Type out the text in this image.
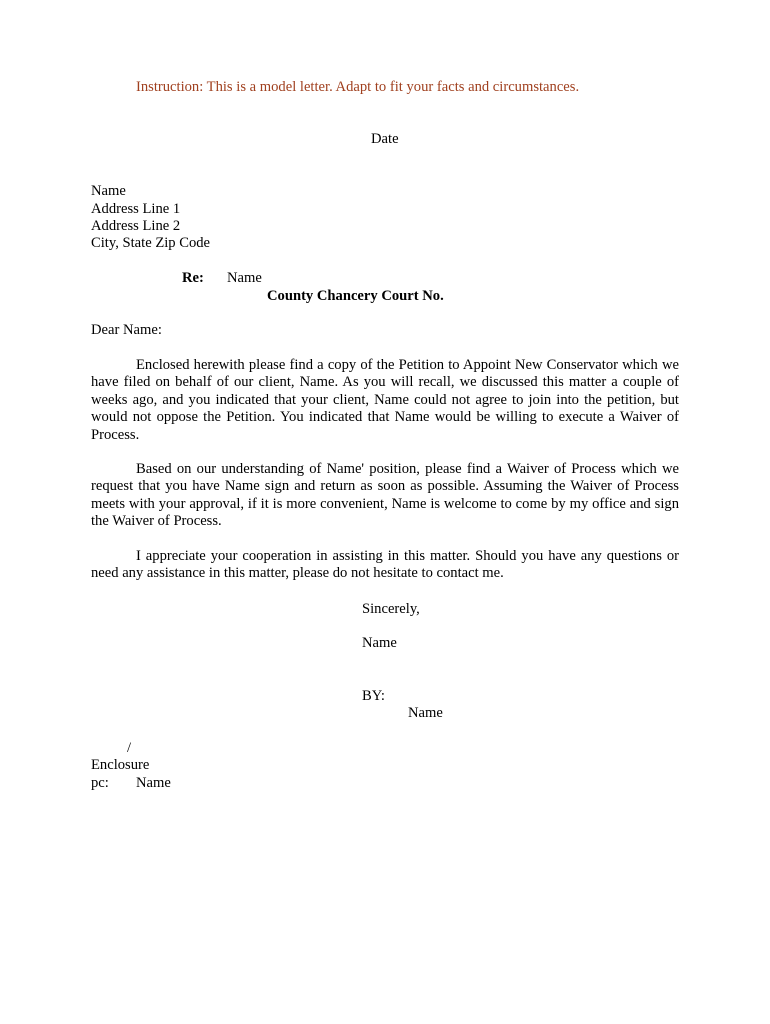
Instruction: This is a model letter. Adapt to fit your facts and circumstances.
Date
Name
Address Line 1
Address Line 2
City, State Zip Code
Re: Name
County Chancery Court No.
Dear Name:
Enclosed herewith please find a copy of the Petition to Appoint New Conservator which we have filed on behalf of our client, Name. As you will recall, we discussed this matter a couple of weeks ago, and you indicated that your client, Name could not agree to join into the petition, but would not oppose the Petition. You indicated that Name would be willing to execute a Waiver of Process.
Based on our understanding of Name' position, please find a Waiver of Process which we request that you have Name sign and return as soon as possible. Assuming the Waiver of Process meets with your approval, if it is more convenient, Name is welcome to come by my office and sign the Waiver of Process.
I appreciate your cooperation in assisting in this matter. Should you have any questions or need any assistance in this matter, please do not hesitate to contact me.
Sincerely,
Name
BY:
Name
/
Enclosure
pc: Name
